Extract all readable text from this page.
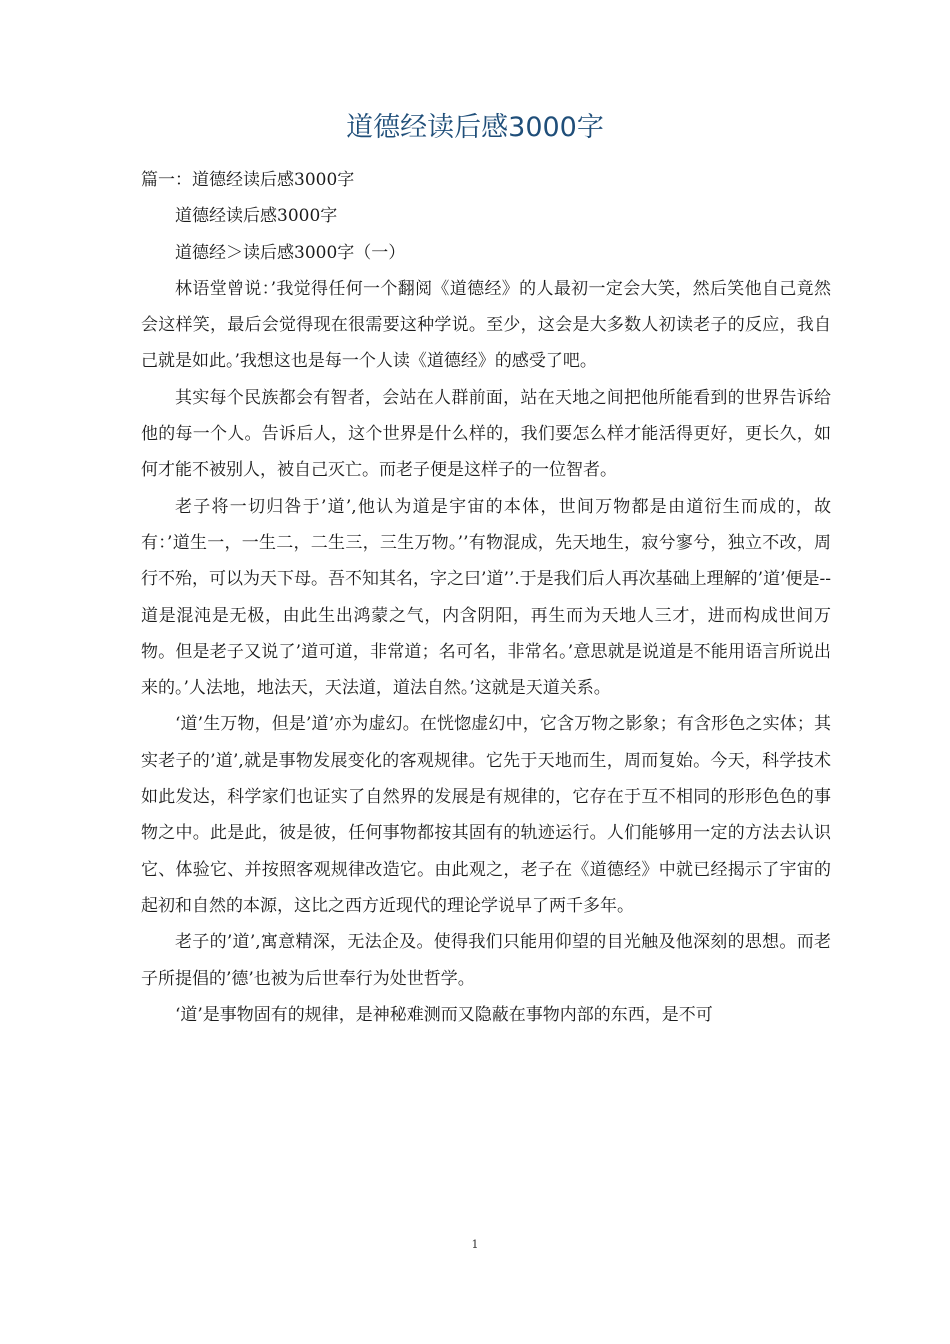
道德经读后感3000字

篇一：道德经读后感3000字

道德经读后感3000字

道德经＞读后感3000字（一）

林语堂曾说：’我觉得任何一个翻阅《道德经》的人最初一定会大笑，然后笑他自己竟然会这样笑，最后会觉得现在很需要这种学说。至少，这会是大多数人初读老子的反应，我自己就是如此。’我想这也是每一个人读《道德经》的感受了吧。

其实每个民族都会有智者，会站在人群前面，站在天地之间把他所能看到的世界告诉给他的每一个人。告诉后人，这个世界是什么样的，我们要怎么样才能活得更好，更长久，如何才能不被别人，被自己灭亡。而老子便是这样子的一位智者。

老子将一切归咎于’道’,他认为道是宇宙的本体，世间万物都是由道衍生而成的，故有：’道生一，一生二，二生三，三生万物。’’有物混成，先天地生，寂兮寥兮，独立不改，周行不殆，可以为天下母。吾不知其名，字之曰’道’’.于是我们后人再次基础上理解的’道’便是--道是混沌是无极，由此生出鸿蒙之气，内含阴阳，再生而为天地人三才，进而构成世间万物。但是老子又说了’道可道，非常道；名可名，非常名。’意思就是说道是不能用语言所说出来的。’人法地，地法天，天法道，道法自然。’这就是天道关系。

‘道’生万物，但是’道’亦为虚幻。在恍惚虚幻中，它含万物之影象；有含形色之实体；其实老子的’道’,就是事物发展变化的客观规律。它先于天地而生，周而复始。今天，科学技术如此发达，科学家们也证实了自然界的发展是有规律的，它存在于互不相同的形形色色的事物之中。此是此，彼是彼，任何事物都按其固有的轨迹运行。人们能够用一定的方法去认识它、体验它、并按照客观规律改造它。由此观之，老子在《道德经》中就已经揭示了宇宙的起初和自然的本源，这比之西方近现代的理论学说早了两千多年。

老子的’道’,寓意精深，无法企及。使得我们只能用仰望的目光触及他深刻的思想。而老子所提倡的’德’也被为后世奉行为处世哲学。

‘道’是事物固有的规律，是神秘难测而又隐蔽在事物内部的东西，是不可

1
